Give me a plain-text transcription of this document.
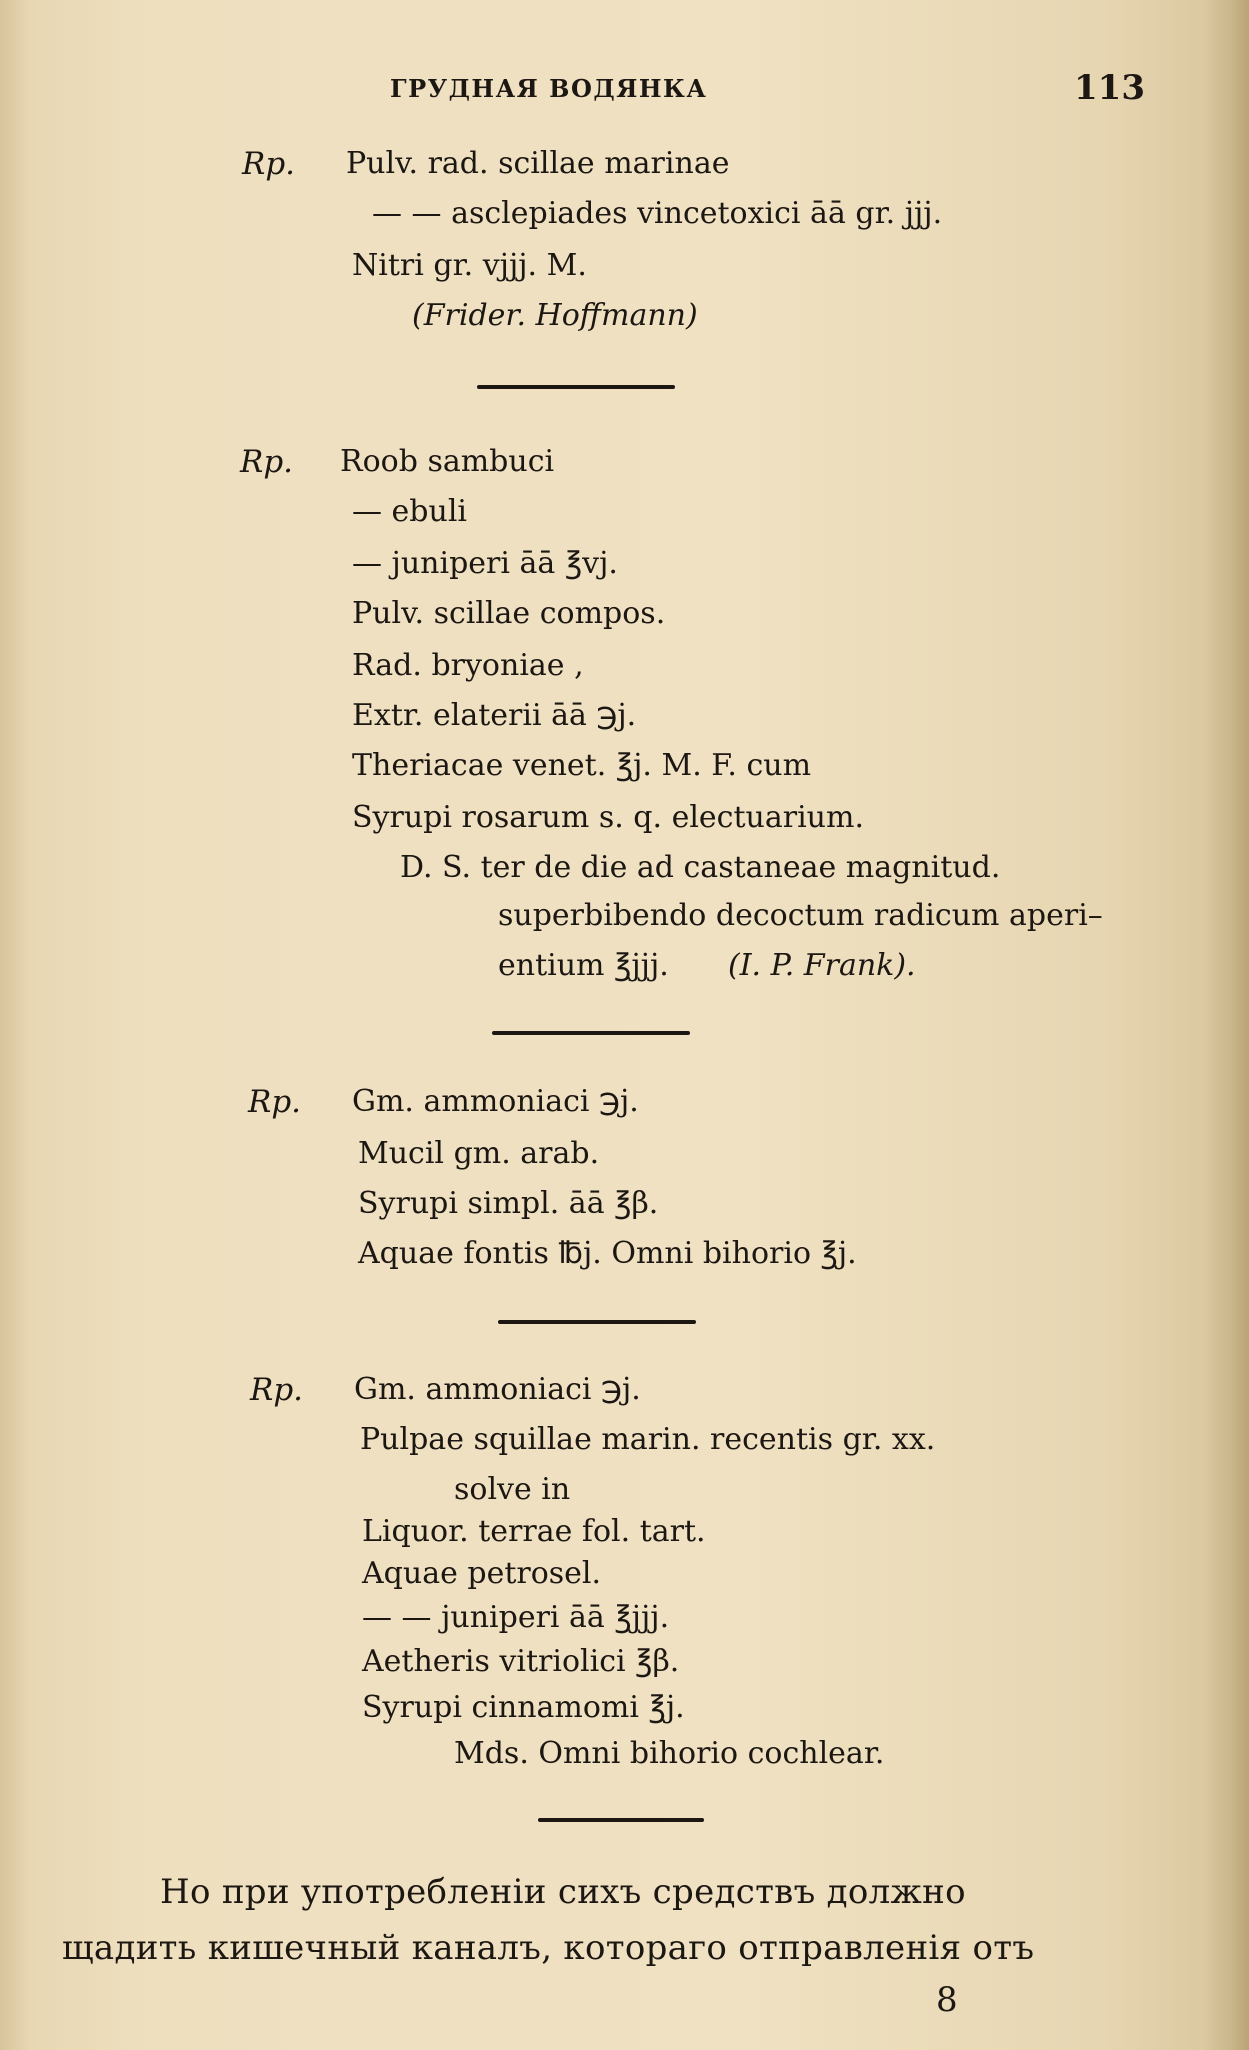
ГРУДНАЯ ВОДЯНКА	113
Rp. Pulv. rad. scillae marinae
— — asclepiades vincetoxici āā gr. jjj.
Nitri gr. vjjj. M.
(Frider. Hoffmann)
Rp. Roob sambuci
— ebuli
— juniperi āā ℥vj.
Pulv. scillae compos.
Rad. bryoniae ,
Extr. elaterii āā ℈j.
Theriacae venet. ℥j. M. F. cum
Syrupi rosarum s. q. electuarium.
D. S. ter de die ad castaneae magnitud.
superbibendo decoctum radicum aperi–
entium ℥jjj. (I. P. Frank).
Rp. Gm. ammoniaci ℈j.
Mucil gm. arab.
Syrupi simpl. āā ℥β.
Aquae fontis ℔j. Omni bihorio ℥j.
Rp. Gm. ammoniaci ℈j.
Pulpae squillae marin. recentis gr. xx.
solve in
Liquor. terrae fol. tart.
Aquae petrosel.
— — juniperi āā ℥jjj.
Aetheris vitriolici ℥β.
Syrupi cinnamomi ℥j.
Mds. Omni bihorio cochlear.
Но при употребленіи сихъ средствъ должно
щадить кишечный каналъ, котораго отправленія отъ
8
